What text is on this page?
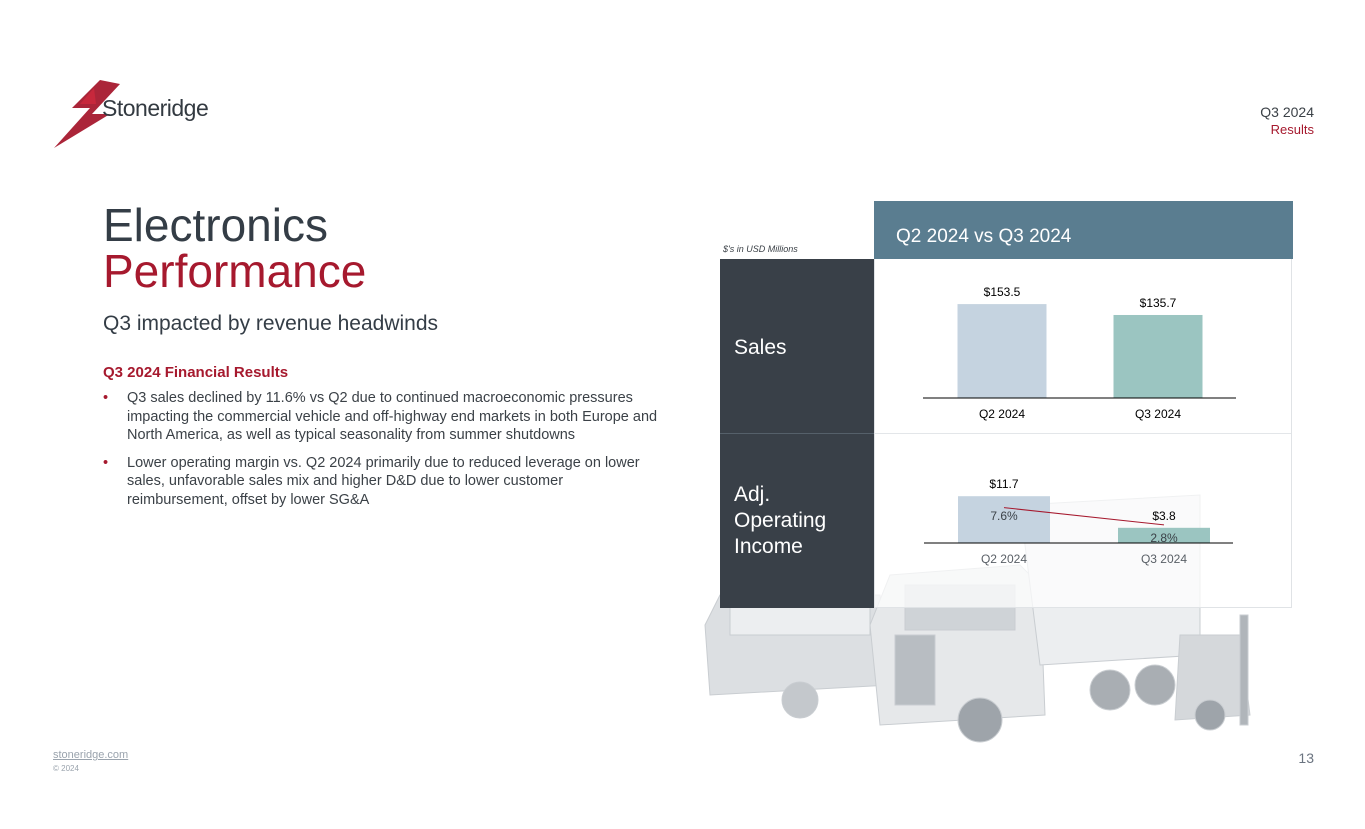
Stoneridge	Q3 2024
Results
Electronics
Performance
Q3 impacted by revenue headwinds
Q3 2024 Financial Results
• Q3 sales declined by 11.6% vs Q2 due to continued macroeconomic pressures impacting the commercial vehicle and off-highway end markets in both Europe and North America, as well as typical seasonality from summer shutdowns
• Lower operating margin vs. Q2 2024 primarily due to reduced leverage on lower sales, unfavorable sales mix and higher D&D due to lower customer reimbursement, offset by lower SG&A
$'s in USD Millions
Q2 2024 vs Q3 2024
Sales
Adj. Operating Income
$153.5
Q2 2024
$135.7
Q3 2024
$11.7
Q2 2024
$3.8
Q3 2024
7.6%
2.8%
stoneridge.com
© 2024
13
